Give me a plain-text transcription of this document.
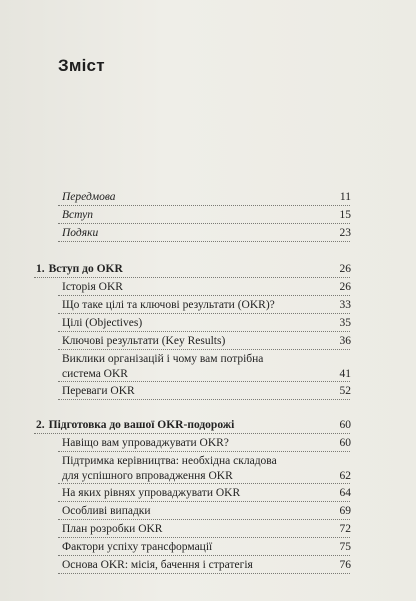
Зміст
Передмова	11
Вступ	15
Подяки	23
1. Вступ до OKR	26
Історія OKR	26
Що таке цілі та ключові результати (OKR)?	33
Цілі (Objectives)	35
Ключові результати (Key Results)	36
Виклики організацій і чому вам потрібна
система OKR	41
Переваги OKR	52
2. Підготовка до вашої OKR-подорожі	60
Навіщо вам упроваджувати OKR?	60
Підтримка керівництва: необхідна складова
для успішного впровадження OKR	62
На яких рівнях упроваджувати OKR	64
Особливі випадки	69
План розробки OKR	72
Фактори успіху трансформації	75
Основа OKR: місія, бачення і стратегія	76
